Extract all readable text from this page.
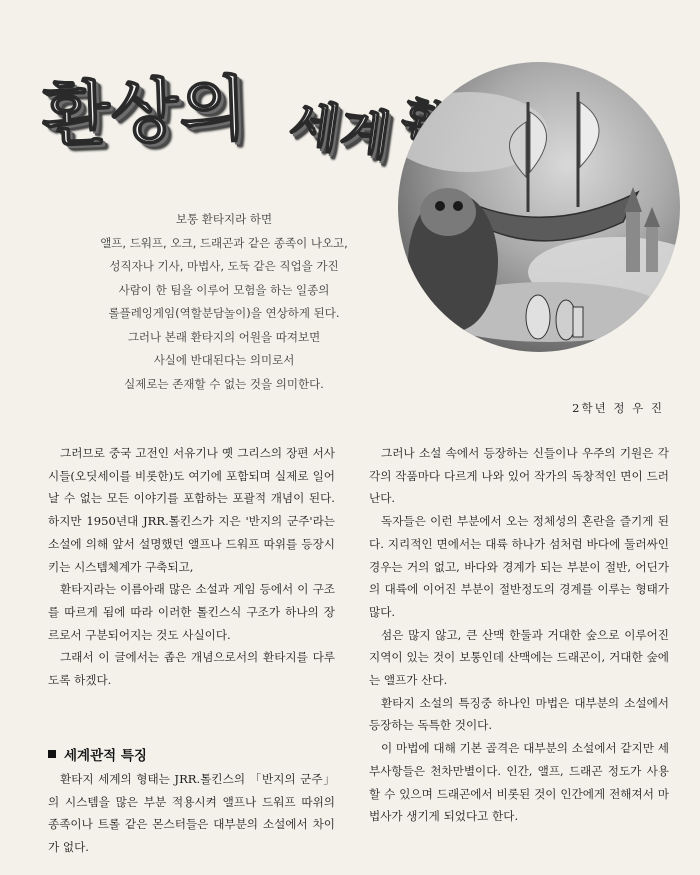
환상의 세계
보통 환타지라 하면
앨프, 드워프, 오크, 드래곤과 같은 종족이 나오고,
성직자나 기사, 마법사, 도둑 같은 직업을 가진
사람이 한 팀을 이루어 모험을 하는 일종의
롤플레잉게임(역할분담놀이)을 연상하게 된다.
그러나 본래 환타지의 어원을 따져보면
사실에 반대된다는 의미로서
실제로는 존재할 수 없는 것을 의미한다.
2학년 정 우 진

그러므로 중국 고전인 서유기나 옛 그리스의 장편 서사시들(오딧세이를 비롯한)도 여기에 포함되며 실제로 일어날 수 없는 모든 이야기를 포함하는 포괄적 개념이 된다. 하지만 1950년대 JRR.톨킨스가 지은 '반지의 군주'라는 소설에 의해 앞서 설명했던 앨프나 드워프 따위를 등장시키는 시스템체계가 구축되고,

환타지라는 이름아래 많은 소설과 게임 등에서 이 구조를 따르게 됨에 따라 이러한 톨킨스식 구조가 하나의 장르로서 구분되어지는 것도 사실이다.

그래서 이 글에서는 좁은 개념으로서의 환타지를 다루도록 하겠다.

세계관적 특징

환타지 세계의 형태는 JRR.톨킨스의 「반지의 군주」의 시스템을 많은 부분 적용시켜 앨프나 드워프 따위의 종족이나 트롤 같은 몬스터들은 대부분의 소설에서 차이가 없다.

그러나 소설 속에서 등장하는 신들이나 우주의 기원은 각각의 작품마다 다르게 나와 있어 작가의 독창적인 면이 드러난다.

독자들은 이런 부분에서 오는 정체성의 혼란을 즐기게 된다. 지리적인 면에서는 대륙 하나가 섬처럼 바다에 둘러싸인 경우는 거의 없고, 바다와 경계가 되는 부분이 절반, 어딘가의 대륙에 이어진 부분이 절반정도의 경계를 이루는 형태가 많다.

섬은 많지 않고, 큰 산맥 한둘과 거대한 숲으로 이루어진 지역이 있는 것이 보통인데 산맥에는 드래곤이, 거대한 숲에는 앨프가 산다.

환타지 소설의 특징중 하나인 마법은 대부분의 소설에서 등장하는 독특한 것이다.

이 마법에 대해 기본 골격은 대부분의 소설에서 같지만 세부사항들은 천차만별이다. 인간, 앨프, 드래곤 정도가 사용할 수 있으며 드래곤에서 비롯된 것이 인간에게 전해져서 마법사가 생기게 되었다고 한다.
